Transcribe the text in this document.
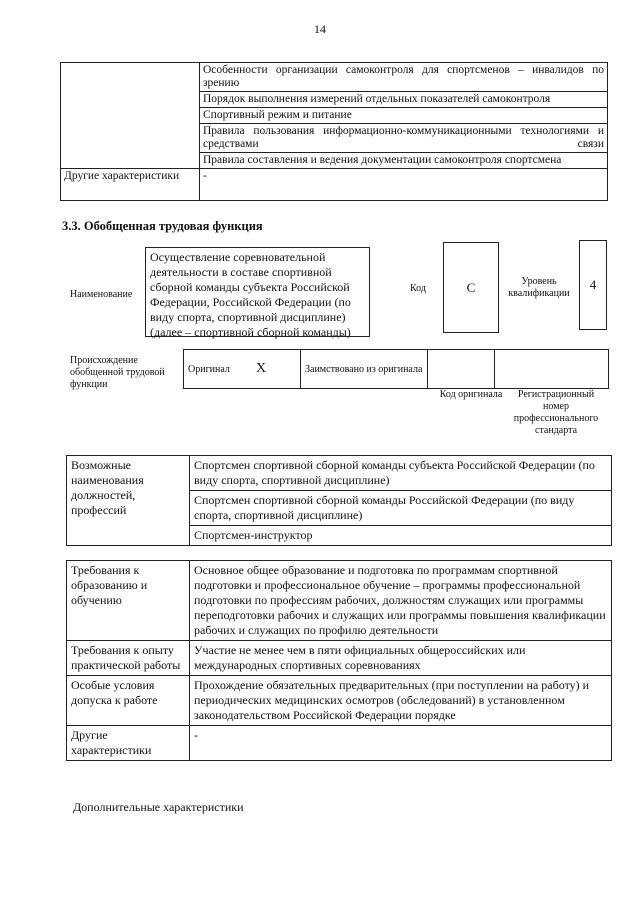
14
	Особенности организации самоконтроля для спортсменов – инвалидов по зрению
	Порядок выполнения измерений отдельных показателей самоконтроля
	Спортивный режим и питание
	Правила пользования информационно-коммуникационными технологиями и средствами связи
	Правила составления и ведения документации самоконтроля спортсмена
Другие характеристики	-
3.3. Обобщенная трудовая функция
Наименование
Осуществление соревновательной деятельности в составе спортивной сборной команды субъекта Российской Федерации, Российской Федерации (по виду спорта, спортивной дисциплине) (далее – спортивной сборной команды)
Код	C	Уровень квалификации
4
Происхождение обобщенной трудовой функции
Оригинал	X	Заимствовано из оригинала		
Код оригинала	Регистрационный номер профессионального стандарта
Возможные наименования должностей, профессий	Спортсмен спортивной сборной команды субъекта Российской Федерации (по виду спорта, спортивной дисциплине)
Спортсмен спортивной сборной команды Российской Федерации (по виду спорта, спортивной дисциплине)
Спортсмен-инструктор
Требования к образованию и обучению	Основное общее образование и подготовка по программам спортивной подготовки и профессиональное обучение – программы профессиональной подготовки по профессиям рабочих, должностям служащих или программы переподготовки рабочих и служащих или программы повышения квалификации рабочих и служащих по профилю деятельности
Требования к опыту практической работы	Участие не менее чем в пяти официальных общероссийских или международных спортивных соревнованиях
Особые условия допуска к работе	Прохождение обязательных предварительных (при поступлении на работу) и периодических медицинских осмотров (обследований) в установленном законодательством Российской Федерации порядке
Другие характеристики	-
Дополнительные характеристики
